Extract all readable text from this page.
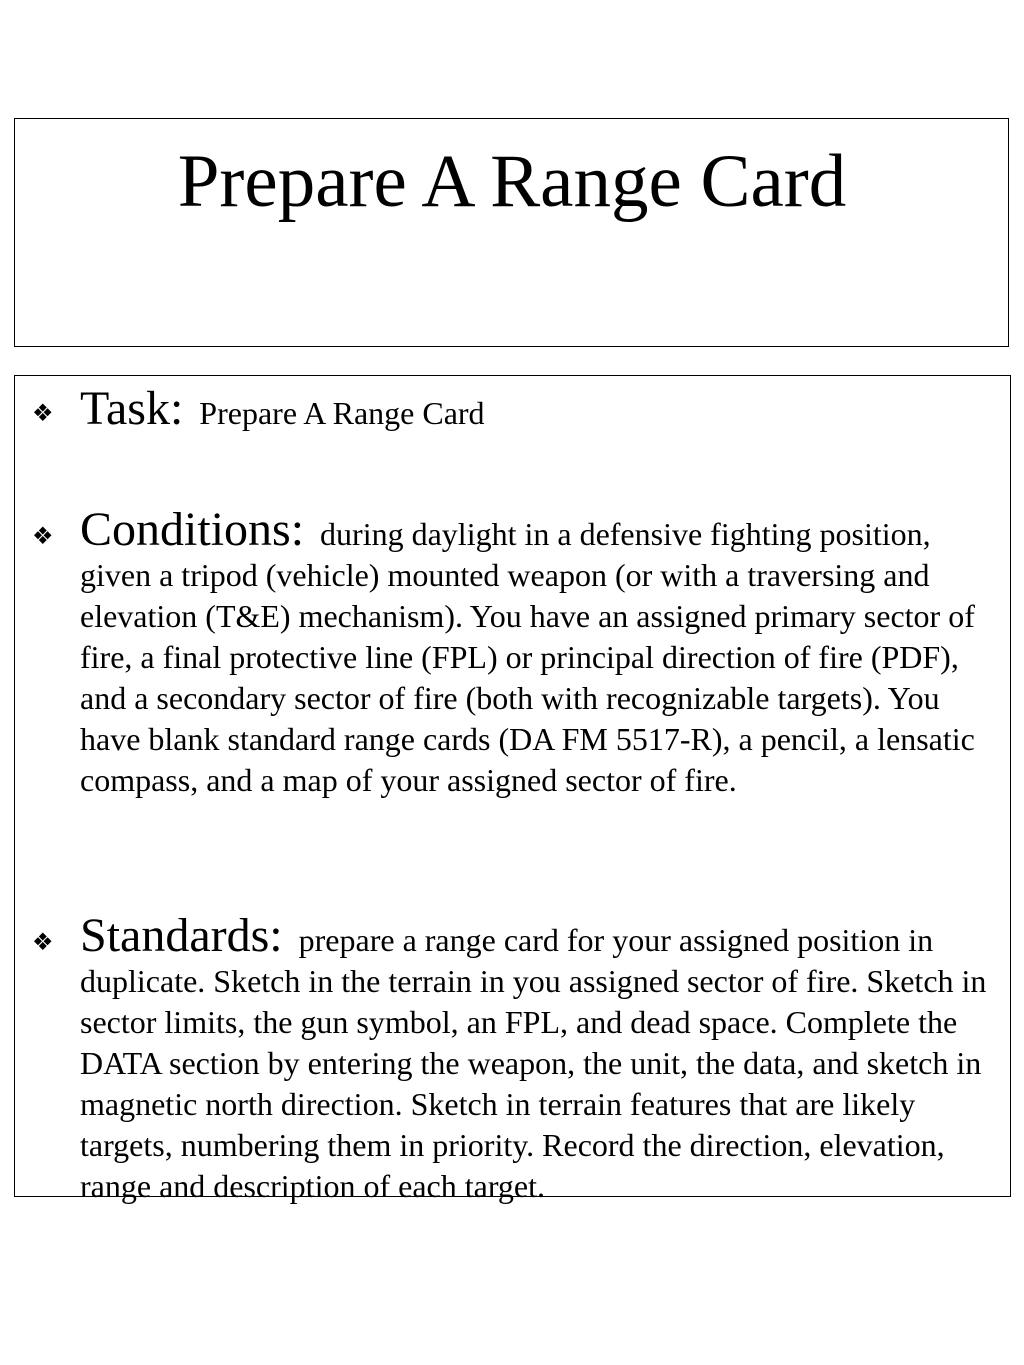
Prepare A Range Card
❖ Task: Prepare A Range Card
❖ Conditions: during daylight in a defensive fighting position, given a tripod (vehicle) mounted weapon (or with a traversing and elevation (T&E) mechanism). You have an assigned primary sector of fire, a final protective line (FPL) or principal direction of fire (PDF), and a secondary sector of fire (both with recognizable targets). You have blank standard range cards (DA FM 5517-R), a pencil, a lensatic compass, and a map of your assigned sector of fire.
❖ Standards: prepare a range card for your assigned position in duplicate. Sketch in the terrain in you assigned sector of fire. Sketch in sector limits, the gun symbol, an FPL, and dead space. Complete the DATA section by entering the weapon, the unit, the data, and sketch in magnetic north direction. Sketch in terrain features that are likely targets, numbering them in priority. Record the direction, elevation, range and description of each target.
